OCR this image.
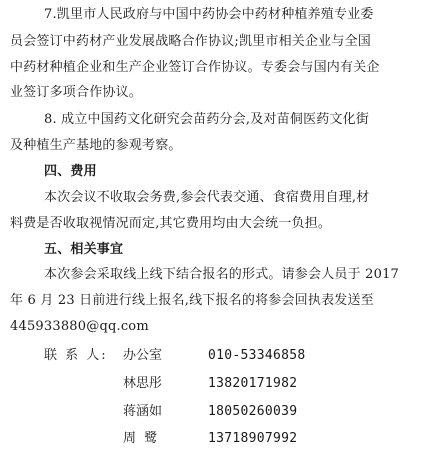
7.凯里市人民政府与中国中药协会中药材种植养殖专业委
员会签订中药材产业发展战略合作协议;凯里市相关企业与全国
中药材种植企业和生产企业签订合作协议。专委会与国内有关企
业签订多项合作协议。
8. 成立中国药文化研究会苗药分会,及对苗侗医药文化街
及种植生产基地的参观考察。
四、费用
本次会议不收取会务费,参会代表交通、食宿费用自理,材
料费是否收取视情况而定,其它费用均由大会统一负担。
五、相关事宜
本次参会采取线上线下结合报名的形式。请参会人员于 2017
年 6 月 23 日前进行线上报名,线下报名的将参会回执表发送至
445933880@qq.com
联 系 人: 办公室	010-53346858
林思彤	13820171982
蒋涵如	18050260039
周  鹭	13718907992
